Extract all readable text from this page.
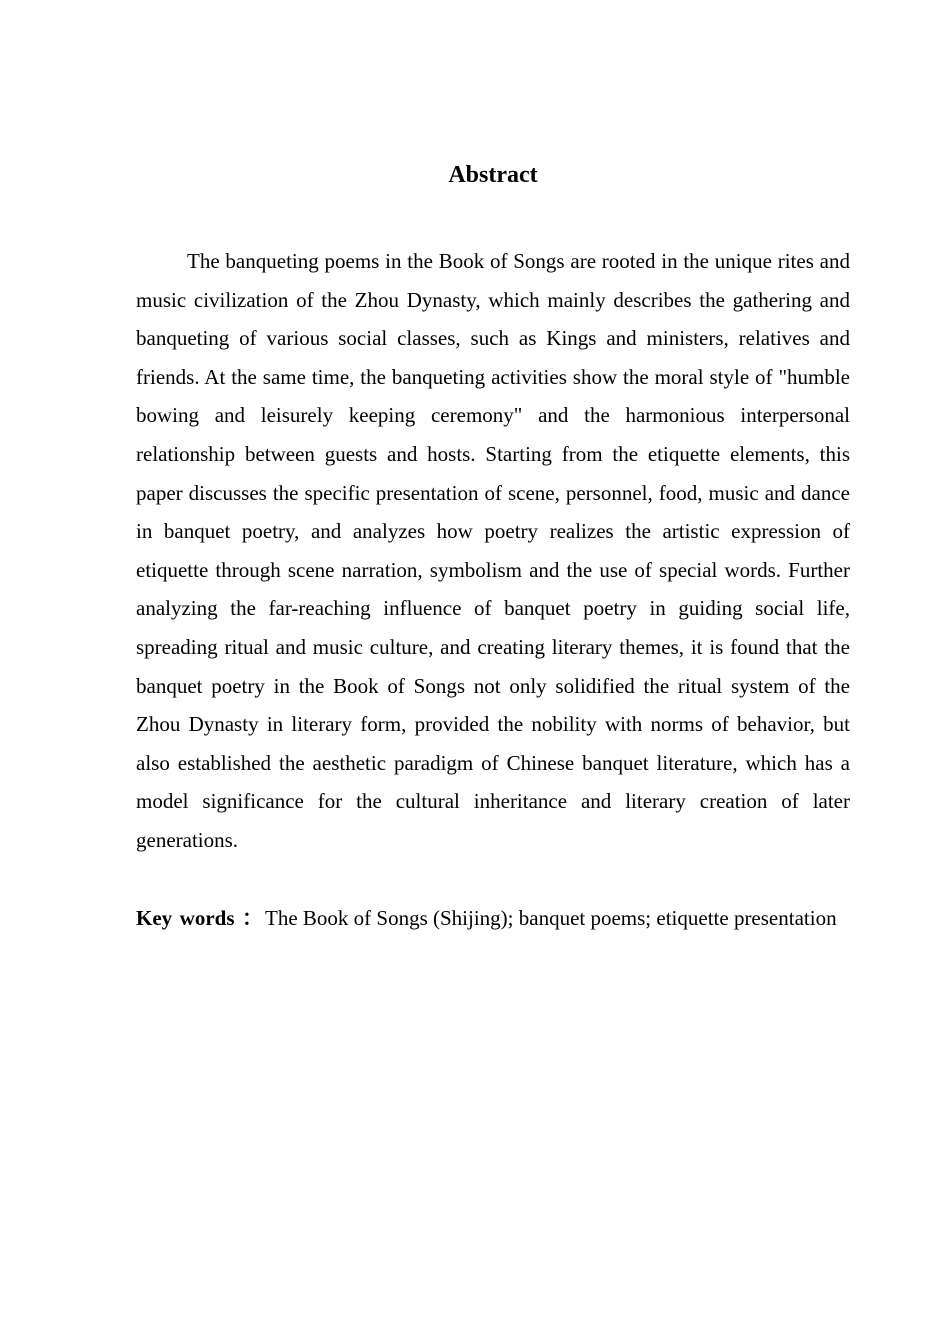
Abstract

The banqueting poems in the Book of Songs are rooted in the unique rites and music civilization of the Zhou Dynasty, which mainly describes the gathering and banqueting of various social classes, such as Kings and ministers, relatives and friends. At the same time, the banqueting activities show the moral style of "humble bowing and leisurely keeping ceremony" and the harmonious interpersonal relationship between guests and hosts. Starting from the etiquette elements, this paper discusses the specific presentation of scene, personnel, food, music and dance in banquet poetry, and analyzes how poetry realizes the artistic expression of etiquette through scene narration, symbolism and the use of special words. Further analyzing the far-reaching influence of banquet poetry in guiding social life, spreading ritual and music culture, and creating literary themes, it is found that the banquet poetry in the Book of Songs not only solidified the ritual system of the Zhou Dynasty in literary form, provided the nobility with norms of behavior, but also established the aesthetic paradigm of Chinese banquet literature, which has a model significance for the cultural inheritance and literary creation of later generations.

Key words ： The Book of Songs (Shijing); banquet poems; etiquette presentation
